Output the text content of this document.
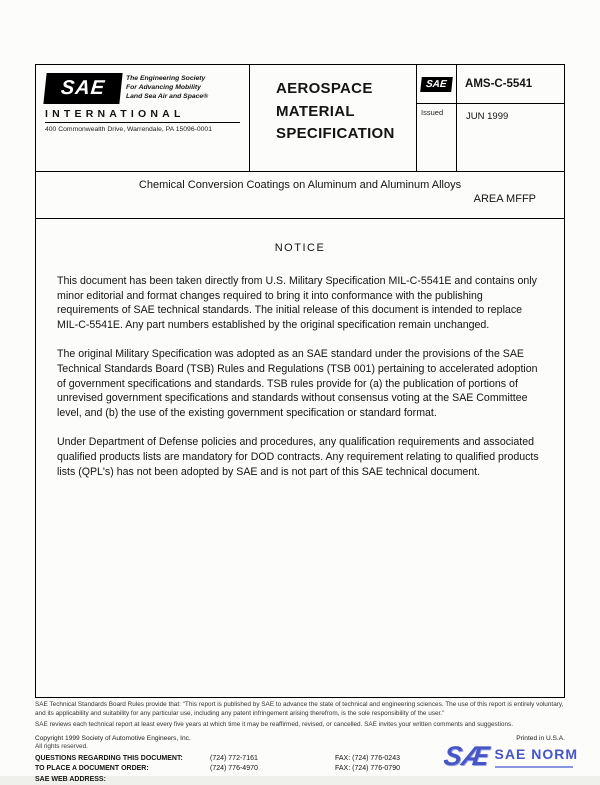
SAE	The Engineering Society
For Advancing Mobility
Land Sea Air and Space®
INTERNATIONAL
400 Commonwealth Drive, Warrendale, PA 15096-0001
AEROSPACE MATERIAL SPECIFICATION
SAE	AMS-C-5541
Issued	JUN 1999
Chemical Conversion Coatings on Aluminum and Aluminum Alloys
AREA MFFP
NOTICE

This document has been taken directly from U.S. Military Specification MIL-C-5541E and contains only minor editorial and format changes required to bring it into conformance with the publishing requirements of SAE technical standards. The initial release of this document is intended to replace MIL-C-5541E. Any part numbers established by the original specification remain unchanged.

The original Military Specification was adopted as an SAE standard under the provisions of the SAE Technical Standards Board (TSB) Rules and Regulations (TSB 001) pertaining to accelerated adoption of government specifications and standards. TSB rules provide for (a) the publication of portions of unrevised government specifications and standards without consensus voting at the SAE Committee level, and (b) the use of the existing government specification or standard format.

Under Department of Defense policies and procedures, any qualification requirements and associated qualified products lists are mandatory for DOD contracts. Any requirement relating to qualified products lists (QPL's) has not been adopted by SAE and is not part of this SAE technical document.

SAE Technical Standards Board Rules provide that: "This report is published by SAE to advance the state of technical and engineering sciences. The use of this report is entirely voluntary, and its applicability and suitability for any particular use, including any patent infringement arising therefrom, is the sole responsibility of the user."
SAE reviews each technical report at least every five years at which time it may be reaffirmed, revised, or cancelled. SAE invites your written comments and suggestions.
Copyright 1999 Society of Automotive Engineers, Inc.	Printed in U.S.A.
All rights reserved.
QUESTIONS REGARDING THIS DOCUMENT:	(724) 772-7161	FAX: (724) 776-0243
TO PLACE A DOCUMENT ORDER:	(724) 776-4970	FAX: (724) 776-0790
SAE WEB ADDRESS:
SÆ SAE NORM
